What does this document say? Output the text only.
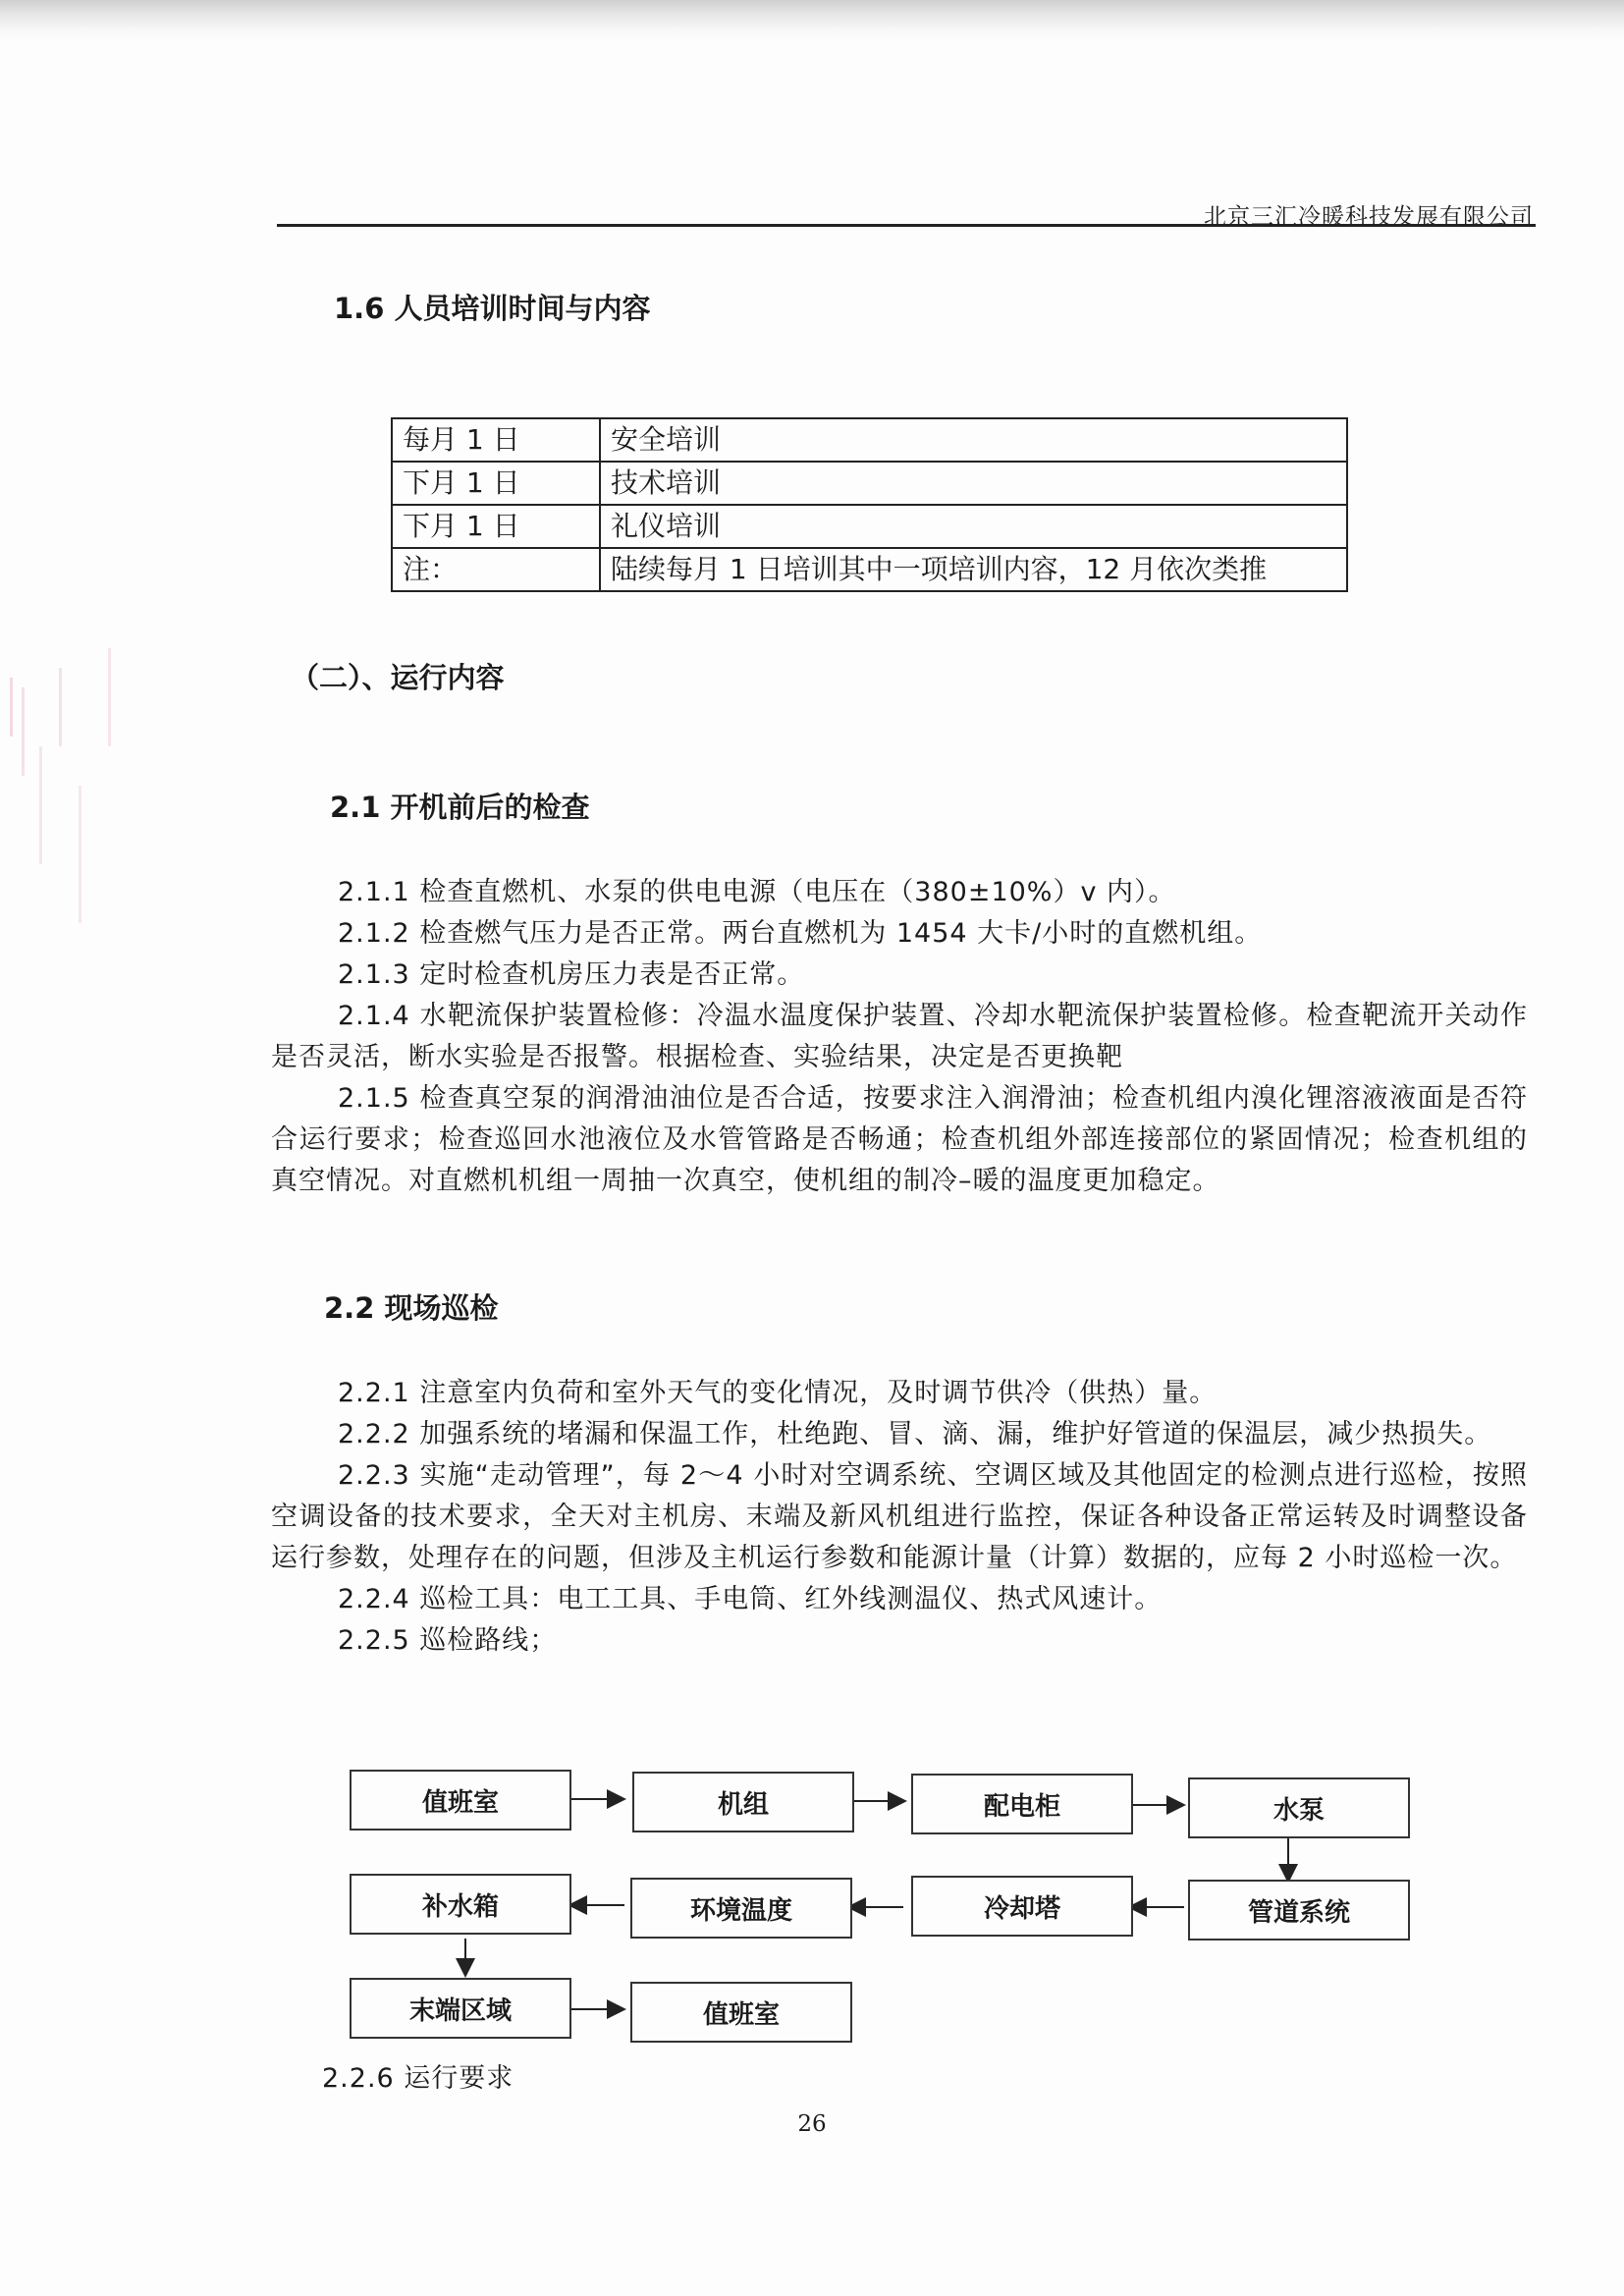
北京三汇冷暖科技发展有限公司
1.6 人员培训时间与内容
每月 1 日	安全培训
下月 1 日	技术培训
下月 1 日	礼仪培训
注：	陆续每月 1 日培训其中一项培训内容，12 月依次类推
（二）、运行内容
2.1 开机前后的检查
2.1.1 检查直燃机、水泵的供电电源（电压在（380±10%）v 内）。
2.1.2 检查燃气压力是否正常。两台直燃机为 1454 大卡/小时的直燃机组。
2.1.3 定时检查机房压力表是否正常。
2.1.4 水靶流保护装置检修：冷温水温度保护装置、冷却水靶流保护装置检修。检查靶流开关动作是否灵活，断水实验是否报警。根据检查、实验结果，决定是否更换靶
2.1.5 检查真空泵的润滑油油位是否合适，按要求注入润滑油；检查机组内溴化锂溶液液面是否符合运行要求；检查巡回水池液位及水管管路是否畅通；检查机组外部连接部位的紧固情况；检查机组的真空情况。对直燃机机组一周抽一次真空，使机组的制冷–暖的温度更加稳定。
2.2 现场巡检
2.2.1 注意室内负荷和室外天气的变化情况，及时调节供冷（供热）量。
2.2.2 加强系统的堵漏和保温工作，杜绝跑、冒、滴、漏，维护好管道的保温层，减少热损失。
2.2.3 实施“走动管理”，每 2～4 小时对空调系统、空调区域及其他固定的检测点进行巡检，按照空调设备的技术要求，全天对主机房、末端及新风机组进行监控，保证各种设备正常运转及时调整设备运行参数，处理存在的问题，但涉及主机运行参数和能源计量（计算）数据的，应每 2 小时巡检一次。
2.2.4 巡检工具：电工工具、手电筒、红外线测温仪、热式风速计。
2.2.5 巡检路线；
值班室	机组	配电柜	水泵
管道系统
冷却塔
环境温度
补水箱
末端区域	值班室
2.2.6 运行要求
26
